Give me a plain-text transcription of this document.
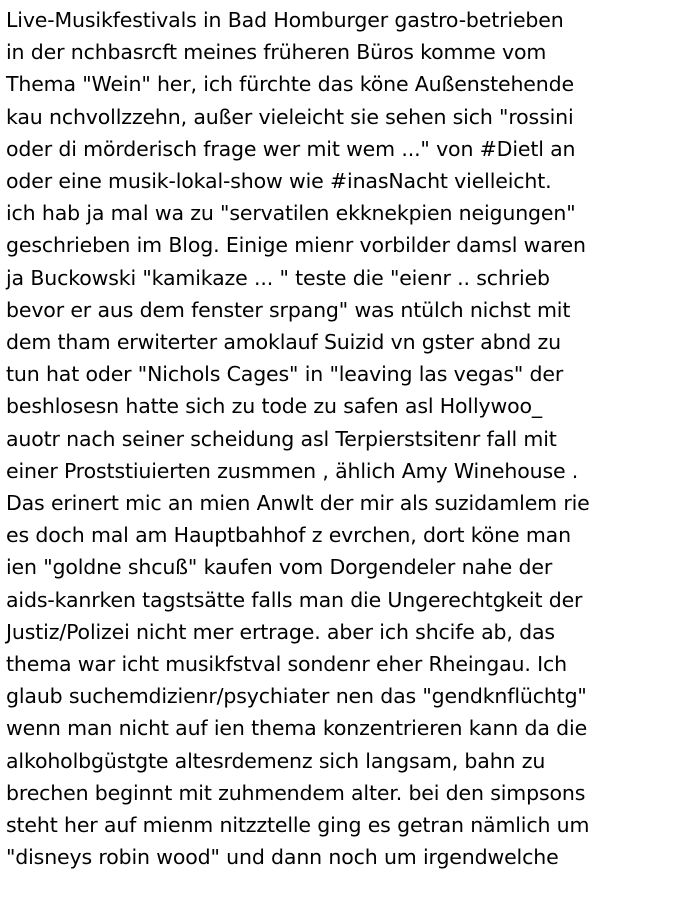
Live-Musikfestivals in Bad Homburger gastro-betrieben
in der nchbasrcft meines früheren Büros komme vom
Thema "Wein" her, ich fürchte das köne Außenstehende
kau nchvollzzehn, außer vieleicht sie sehen sich "rossini
oder di mörderisch frage wer mit wem ..." von #Dietl an
oder eine musik-lokal-show wie #inasNacht vielleicht.
ich hab ja mal wa zu "servatilen ekknekpien neigungen"
geschrieben im Blog. Einige mienr vorbilder damsl waren
ja Buckowski "kamikaze ... " teste die "eienr .. schrieb
bevor er aus dem fenster srpang" was ntülch nichst mit
dem tham erwiterter amoklauf Suizid vn gster abnd zu
tun hat oder "Nichols Cages" in "leaving las vegas" der
beshlosesn hatte sich zu tode zu safen asl Hollywoo_
auotr nach seiner scheidung asl Terpierstsitenr fall mit
einer Proststiuierten zusmmen , ählich Amy Winehouse .
Das erinert mic an mien Anwlt der mir als suzidamlem rie
es doch mal am Hauptbahhof z evrchen, dort köne man
ien "goldne shcuß" kaufen vom Dorgendeler nahe der
aids-kanrken tagstsätte falls man die Ungerechtgkeit der
Justiz/Polizei nicht mer ertrage. aber ich shcife ab, das
thema war icht musikfstval sondenr eher Rheingau. Ich
glaub suchemdizienr/psychiater nen das "gendknflüchtg"
wenn man nicht auf ien thema konzentrieren kann da die
alkoholbgüstgte altesrdemenz sich langsam, bahn zu
brechen beginnt mit zuhmendem alter. bei den simpsons
steht her auf mienm nitzztelle ging es getran nämlich um
"disneys robin wood" und dann noch um irgendwelche
